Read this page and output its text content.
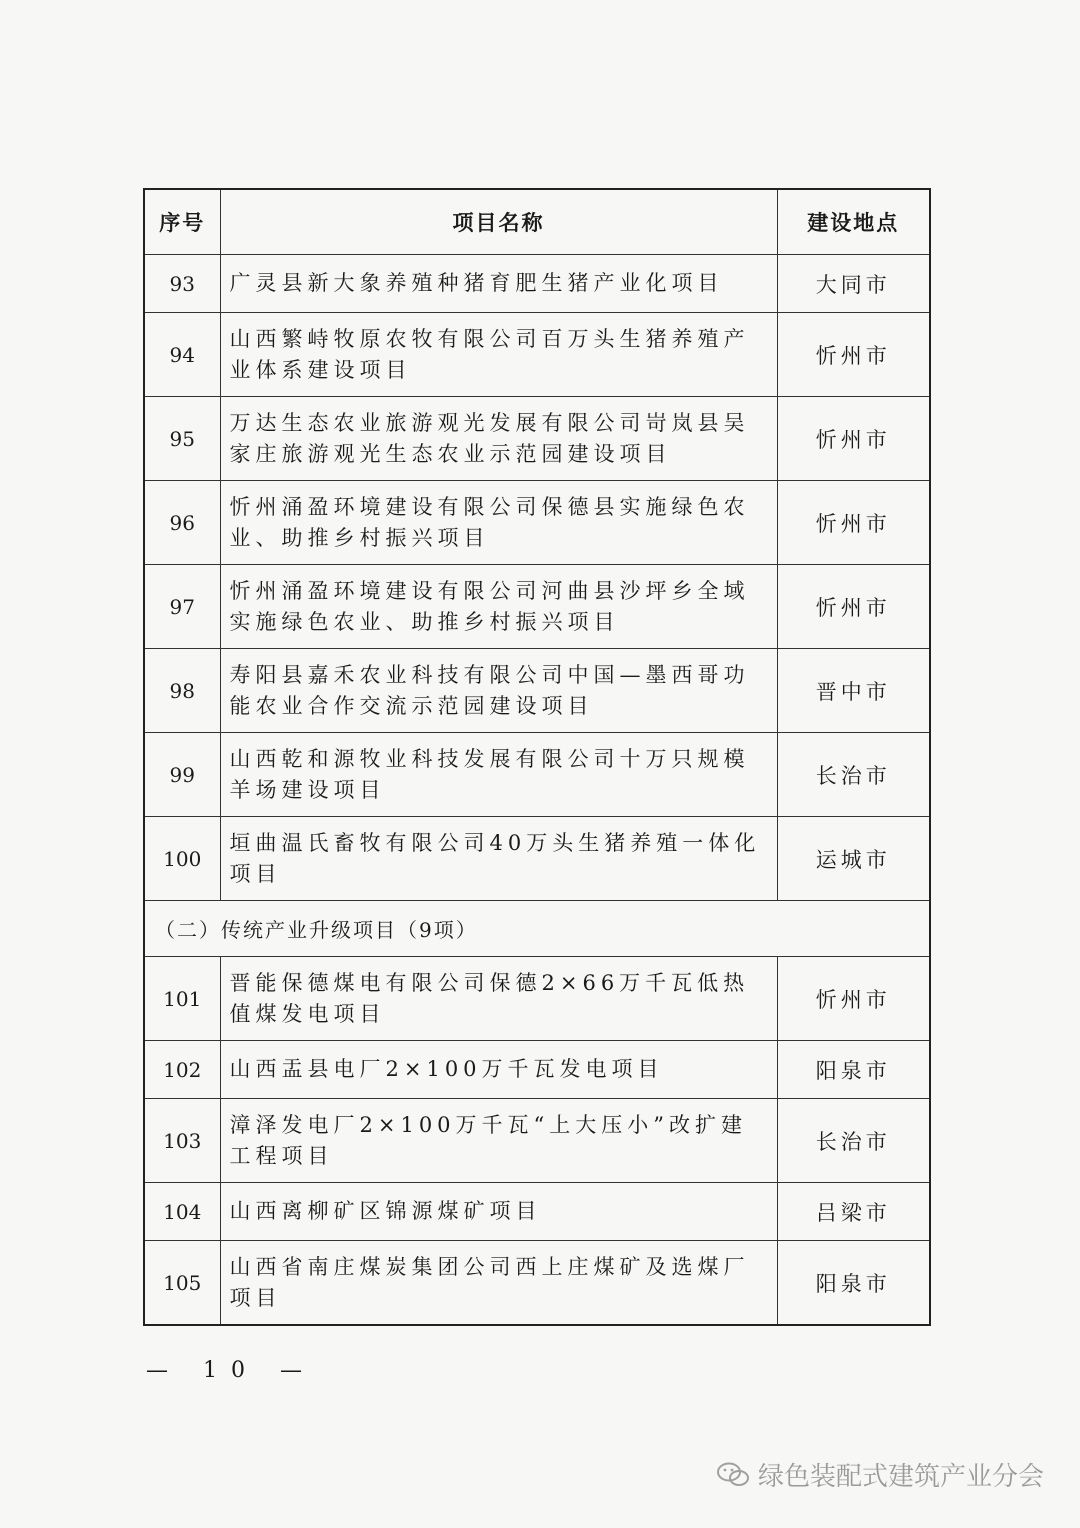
序号	项目名称	建设地点
93	广灵县新大象养殖种猪育肥生猪产业化项目	大同市
94	山西繁峙牧原农牧有限公司百万头生猪养殖产业体系建设项目	忻州市
95	万达生态农业旅游观光发展有限公司岢岚县吴家庄旅游观光生态农业示范园建设项目	忻州市
96	忻州涌盈环境建设有限公司保德县实施绿色农业、助推乡村振兴项目	忻州市
97	忻州涌盈环境建设有限公司河曲县沙坪乡全域实施绿色农业、助推乡村振兴项目	忻州市
98	寿阳县嘉禾农业科技有限公司中国—墨西哥功能农业合作交流示范园建设项目	晋中市
99	山西乾和源牧业科技发展有限公司十万只规模羊场建设项目	长治市
100	垣曲温氏畜牧有限公司40万头生猪养殖一体化项目	运城市
（二）传统产业升级项目（9项）		
101	晋能保德煤电有限公司保德2×66万千瓦低热值煤发电项目	忻州市
102	山西盂县电厂2×100万千瓦发电项目	阳泉市
103	漳泽发电厂2×100万千瓦“上大压小”改扩建工程项目	长治市
104	山西离柳矿区锦源煤矿项目	吕梁市
105	山西省南庄煤炭集团公司西上庄煤矿及选煤厂项目	阳泉市
— 10 —
绿色装配式建筑产业分会
